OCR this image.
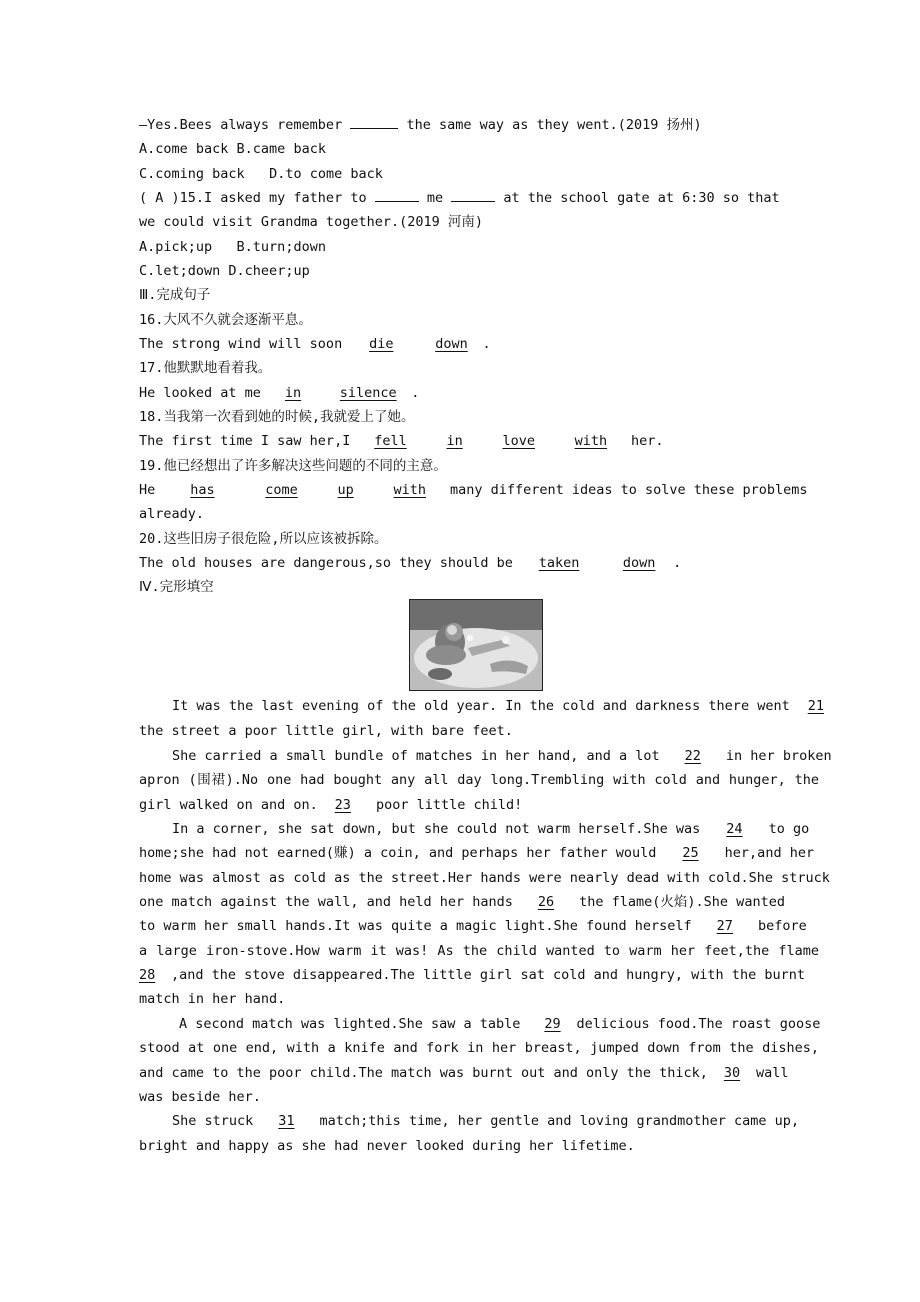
—Yes.Bees always remember	the same way as they went.(2019 扬州)
A.come back B.came back
C.coming back D.to come back
( A )15.I asked my father to	me	at the school gate at 6:30 so that
we could visit Grandma together.(2019 河南)
A.pick;up B.turn;down
C.let;down D.cheer;up
Ⅲ.完成句子
16.大风不久就会逐渐平息。
The strong wind will soon die	down .
17.他默默地看着我。
He looked at me in	silence .
18.当我第一次看到她的时候,我就爱上了她。
The first time I saw her,I fell	in	love	with her.
19.他已经想出了许多解决这些问题的不同的主意。
He has	come	up	with many different ideas to solve these problems
already.
20.这些旧房子很危险,所以应该被拆除。
The old houses are dangerous,so they should be taken	down .
Ⅳ.完形填空
It was the last evening of the old year. In the cold and darkness there went 21
the street a poor little girl, with bare feet.
She carried a small bundle of matches in her hand, and a lot 22 in her broken
apron (围裙).No one had bought any all day long.Trembling with cold and hunger, the
girl walked on and on. 23 poor little child!
In a corner, she sat down, but she could not warm herself.She was 24 to go
home;she had not earned(赚) a coin, and perhaps her father would 25 her,and her
home was almost as cold as the street.Her hands were nearly dead with cold.She struck
one match against the wall, and held her hands 26 the flame(火焰).She wanted
to warm her small hands.It was quite a magic light.She found herself 27 before
a large iron-stove.How warm it was! As the child wanted to warm her feet,the flame
28 ,and the stove disappeared.The little girl sat cold and hungry, with the burnt
match in her hand.
A second match was lighted.She saw a table 29 delicious food.The roast goose
stood at one end, with a knife and fork in her breast, jumped down from the dishes,
and came to the poor child.The match was burnt out and only the thick, 30 wall
was beside her.
She struck 31 match;this time, her gentle and loving grandmother came up,
bright and happy as she had never looked during her lifetime.
